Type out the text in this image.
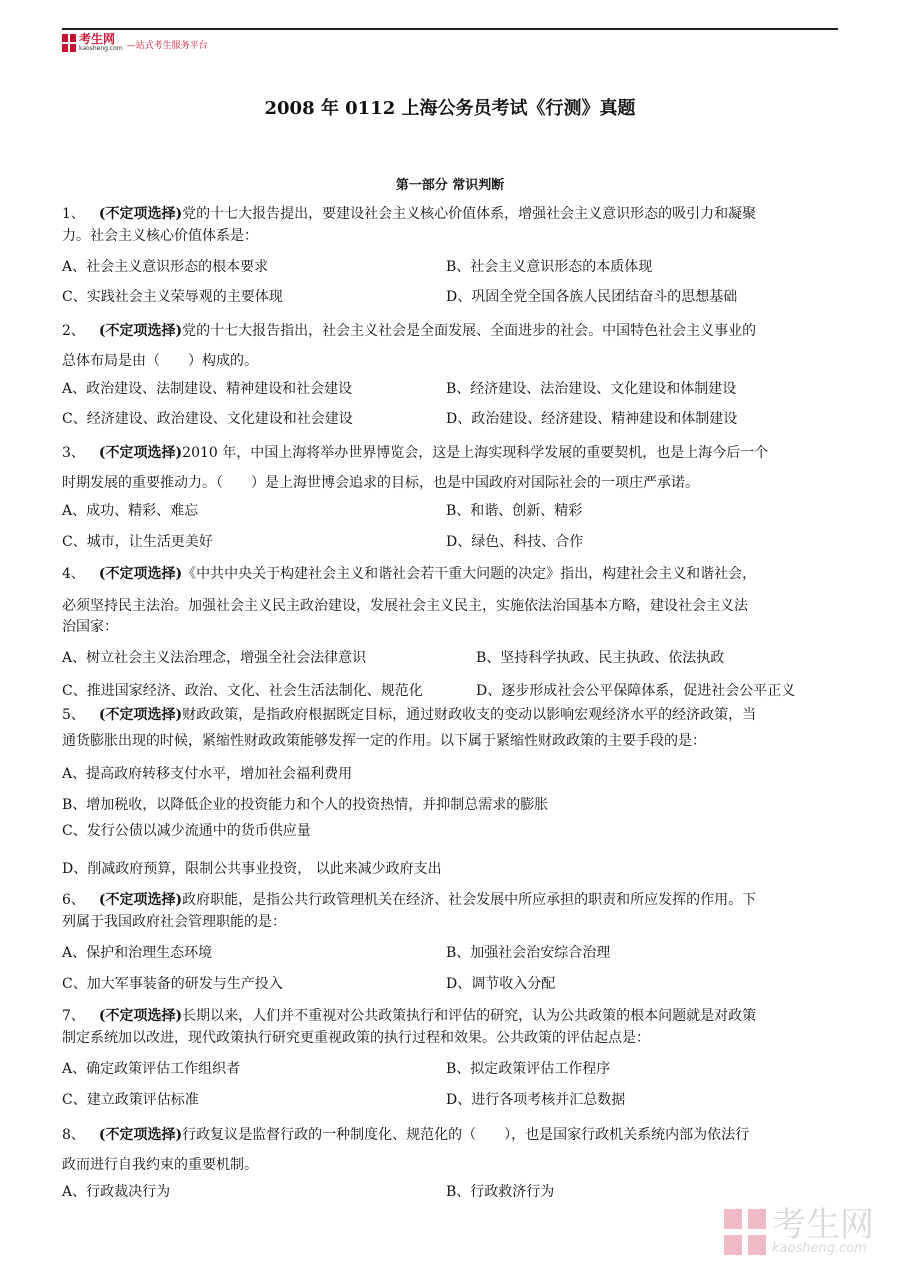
考生网
kaosheng.com —站式考生服务平台
2008 年 0112 上海公务员考试《行测》真题
第一部分 常识判断
1、 (不定项选择)党的十七大报告提出，要建设社会主义核心价值体系，增强社会主义意识形态的吸引力和凝聚
力。社会主义核心价值体系是：
A、社会主义意识形态的根本要求	B、社会主义意识形态的本质体现
C、实践社会主义荣辱观的主要体现	D、巩固全党全国各族人民团结奋斗的思想基础
2、 (不定项选择)党的十七大报告指出，社会主义社会是全面发展、全面进步的社会。中国特色社会主义事业的
总体布局是由（　　）构成的。
A、政治建设、法制建设、精神建设和社会建设	B、经济建设、法治建设、文化建设和体制建设
C、经济建设、政治建设、文化建设和社会建设	D、政治建设、经济建设、精神建设和体制建设
3、 (不定项选择)2010 年，中国上海将举办世界博览会，这是上海实现科学发展的重要契机，也是上海今后一个
时期发展的重要推动力。（　　）是上海世博会追求的目标，也是中国政府对国际社会的一项庄严承诺。
A、成功、精彩、难忘	B、和谐、创新、精彩
C、城市，让生活更美好	D、绿色、科技、合作
4、 (不定项选择)《中共中央关于构建社会主义和谐社会若干重大问题的决定》指出，构建社会主义和谐社会，
必须坚持民主法治。加强社会主义民主政治建设，发展社会主义民主，实施依法治国基本方略，建设社会主义法
治国家：
A、树立社会主义法治理念，增强全社会法律意识	B、坚持科学执政、民主执政、依法执政
C、推进国家经济、政治、文化、社会生活法制化、规范化	D、逐步形成社会公平保障体系，促进社会公平正义
5、 (不定项选择)财政政策，是指政府根据既定目标，通过财政收支的变动以影响宏观经济水平的经济政策，当
通货膨胀出现的时候，紧缩性财政政策能够发挥一定的作用。以下属于紧缩性财政政策的主要手段的是：
A、提高政府转移支付水平，增加社会福利费用
B、增加税收，以降低企业的投资能力和个人的投资热情，并抑制总需求的膨胀
C、发行公债以减少流通中的货币供应量
D、削减政府预算，限制公共事业投资， 以此来减少政府支出
6、 (不定项选择)政府职能，是指公共行政管理机关在经济、社会发展中所应承担的职责和所应发挥的作用。下
列属于我国政府社会管理职能的是：
A、保护和治理生态环境	B、加强社会治安综合治理
C、加大军事装备的研发与生产投入	D、调节收入分配
7、 (不定项选择)长期以来，人们并不重视对公共政策执行和评估的研究，认为公共政策的根本问题就是对政策
制定系统加以改进，现代政策执行研究更重视政策的执行过程和效果。公共政策的评估起点是：
A、确定政策评估工作组织者	B、拟定政策评估工作程序
C、建立政策评估标准	D、进行各项考核并汇总数据
8、 (不定项选择)行政复议是监督行政的一种制度化、规范化的（　　），也是国家行政机关系统内部为依法行
政而进行自我约束的重要机制。
A、行政裁决行为	B、行政救济行为
考生网
kaosheng.com
